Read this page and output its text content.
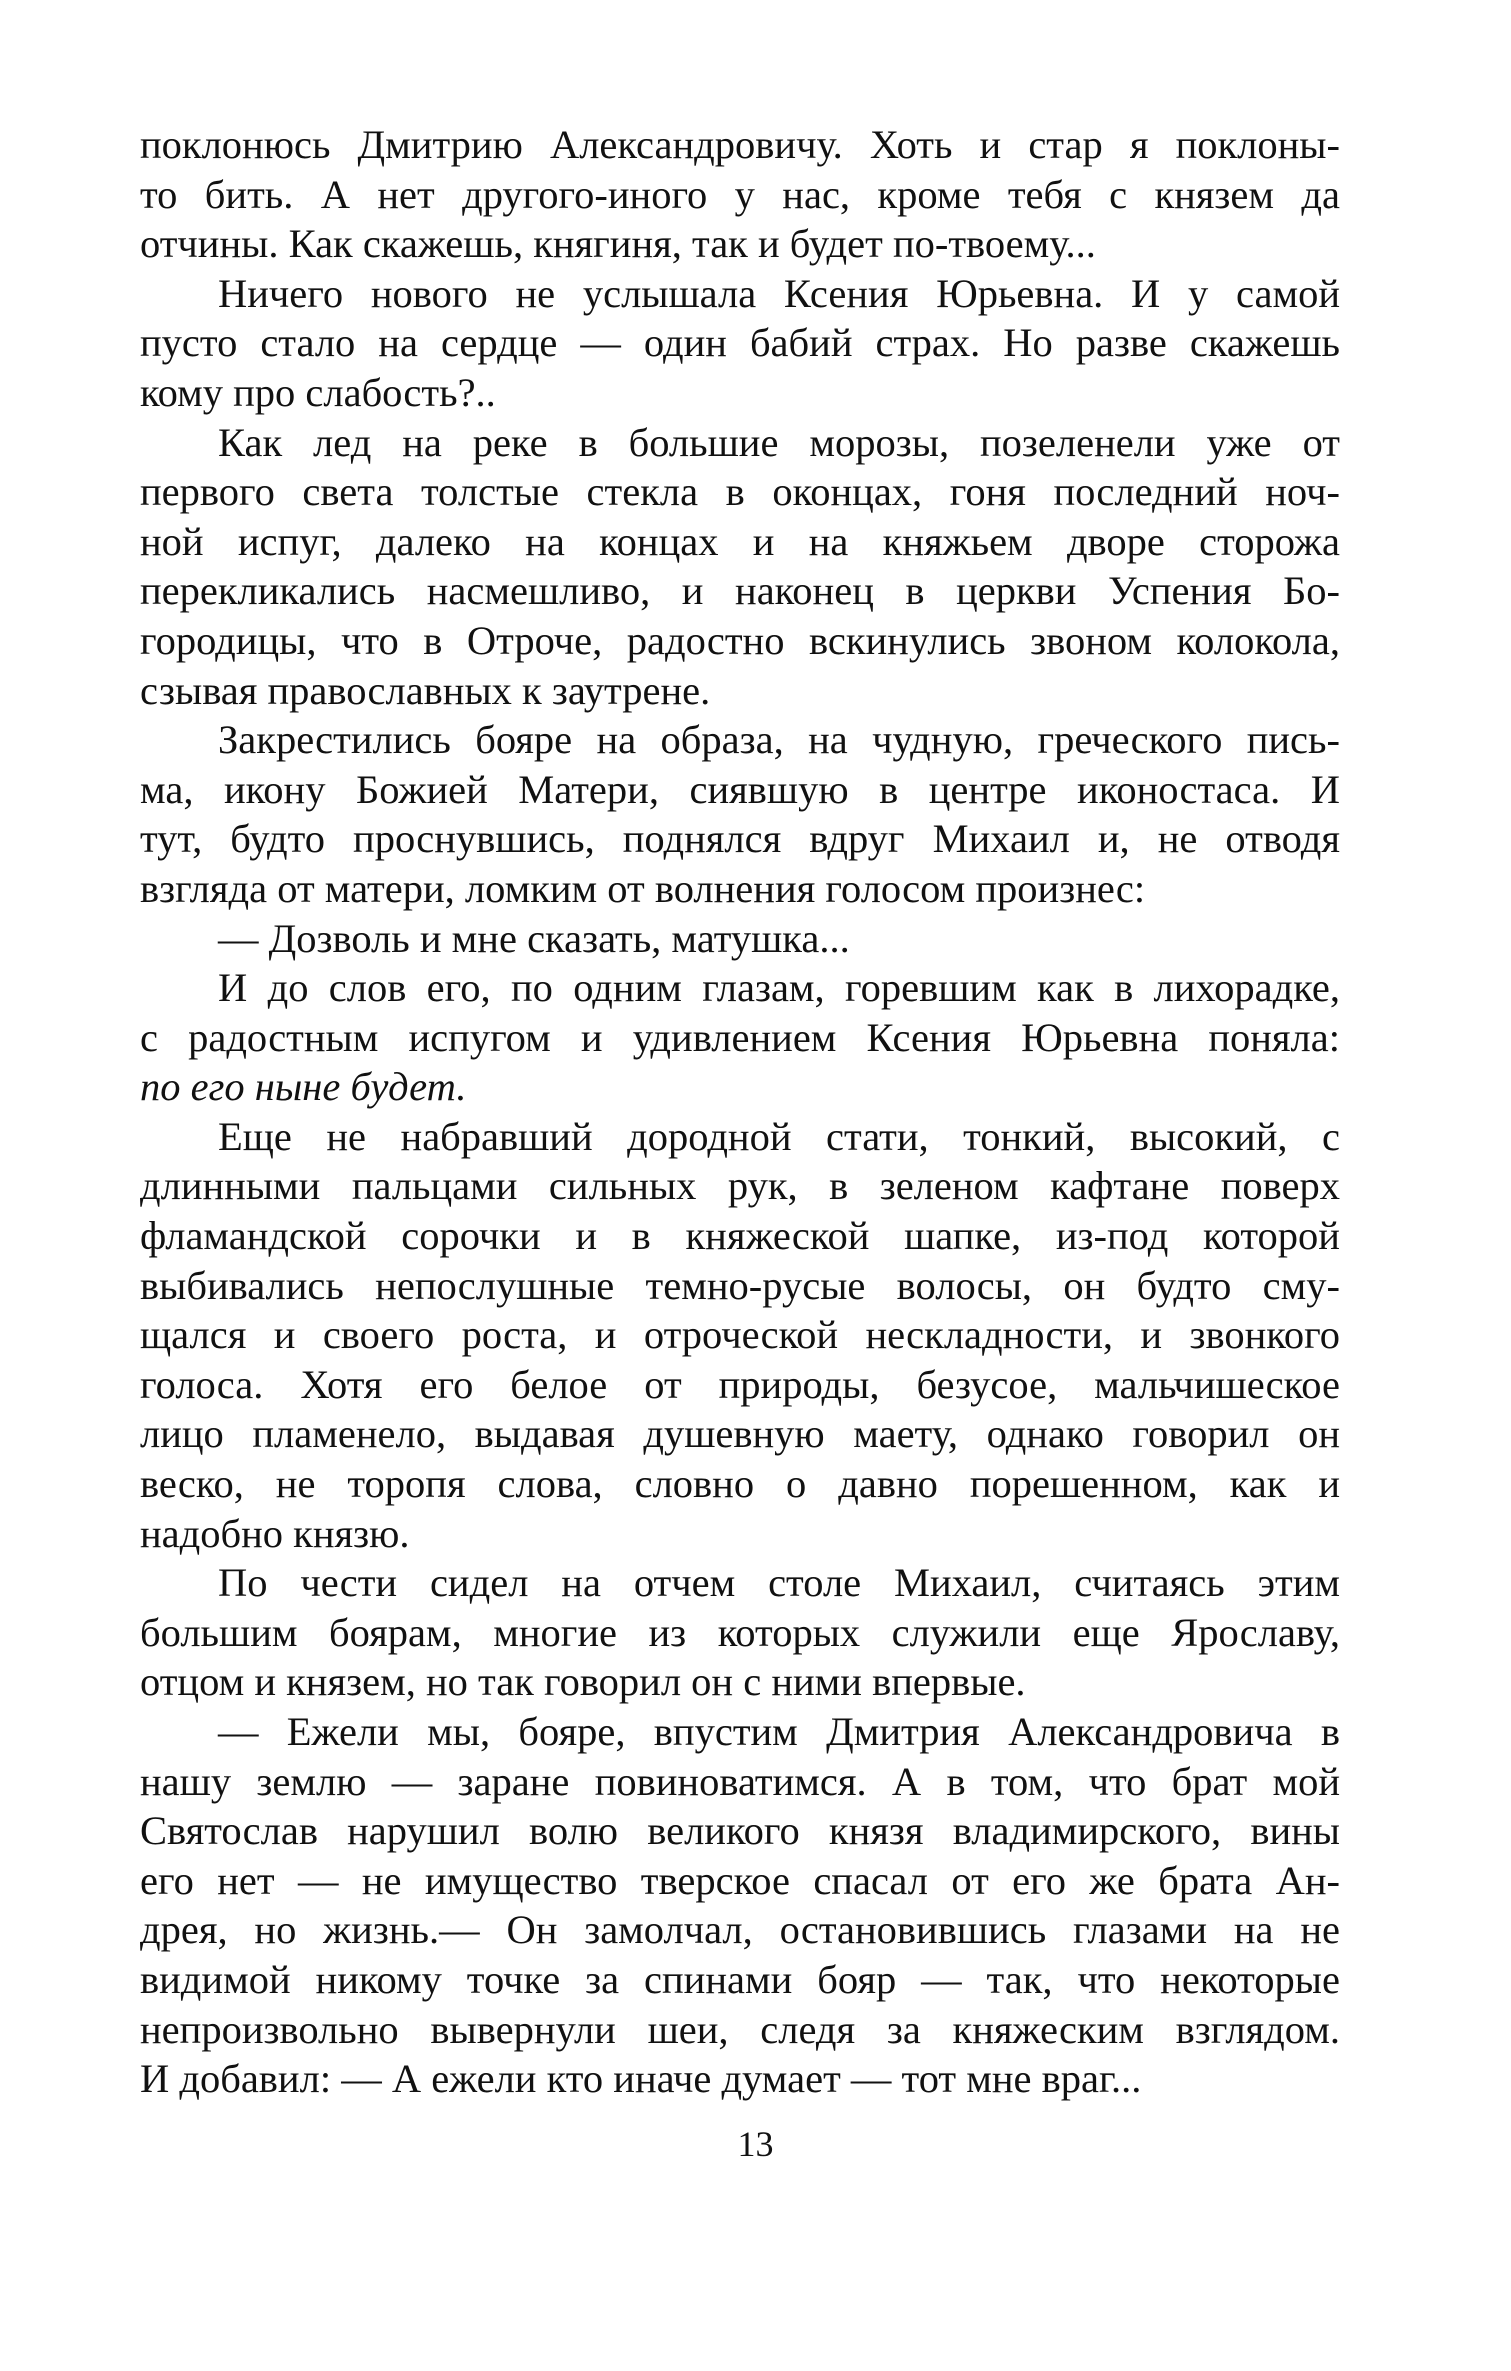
поклонюсь Дмитрию Александровичу. Хоть и стар я поклоны-
то бить. А нет другого-иного у нас, кроме тебя с князем да
отчины. Как скажешь, княгиня, так и будет по-твоему...
Ничего нового не услышала Ксения Юрьевна. И у самой
пусто стало на сердце — один бабий страх. Но разве скажешь
кому про слабость?..
Как лед на реке в большие морозы, позеленели уже от
первого света толстые стекла в оконцах, гоня последний ноч-
ной испуг, далеко на концах и на княжьем дворе сторожа
перекликались насмешливо, и наконец в церкви Успения Бо-
городицы, что в Отроче, радостно вскинулись звоном колокола,
сзывая православных к заутрене.
Закрестились бояре на образа, на чудную, греческого пись-
ма, икону Божией Матери, сиявшую в центре иконостаса. И
тут, будто проснувшись, поднялся вдруг Михаил и, не отводя
взгляда от матери, ломким от волнения голосом произнес:
— Дозволь и мне сказать, матушка...
И до слов его, по одним глазам, горевшим как в лихорадке,
с радостным испугом и удивлением Ксения Юрьевна поняла:
по его ныне будет.
Еще не набравший дородной стати, тонкий, высокий, с
длинными пальцами сильных рук, в зеленом кафтане поверх
фламандской сорочки и в княжеской шапке, из-под которой
выбивались непослушные темно-русые волосы, он будто сму-
щался и своего роста, и отроческой нескладности, и звонкого
голоса. Хотя его белое от природы, безусое, мальчишеское
лицо пламенело, выдавая душевную маету, однако говорил он
веско, не торопя слова, словно о давно порешенном, как и
надобно князю.
По чести сидел на отчем столе Михаил, считаясь этим
большим боярам, многие из которых служили еще Ярославу,
отцом и князем, но так говорил он с ними впервые.
— Ежели мы, бояре, впустим Дмитрия Александровича в
нашу землю — заране повиноватимся. А в том, что брат мой
Святослав нарушил волю великого князя владимирского, вины
его нет — не имущество тверское спасал от его же брата Ан-
дрея, но жизнь.— Он замолчал, остановившись глазами на не
видимой никому точке за спинами бояр — так, что некоторые
непроизвольно вывернули шеи, следя за княжеским взглядом.
И добавил: — А ежели кто иначе думает — тот мне враг...
13
